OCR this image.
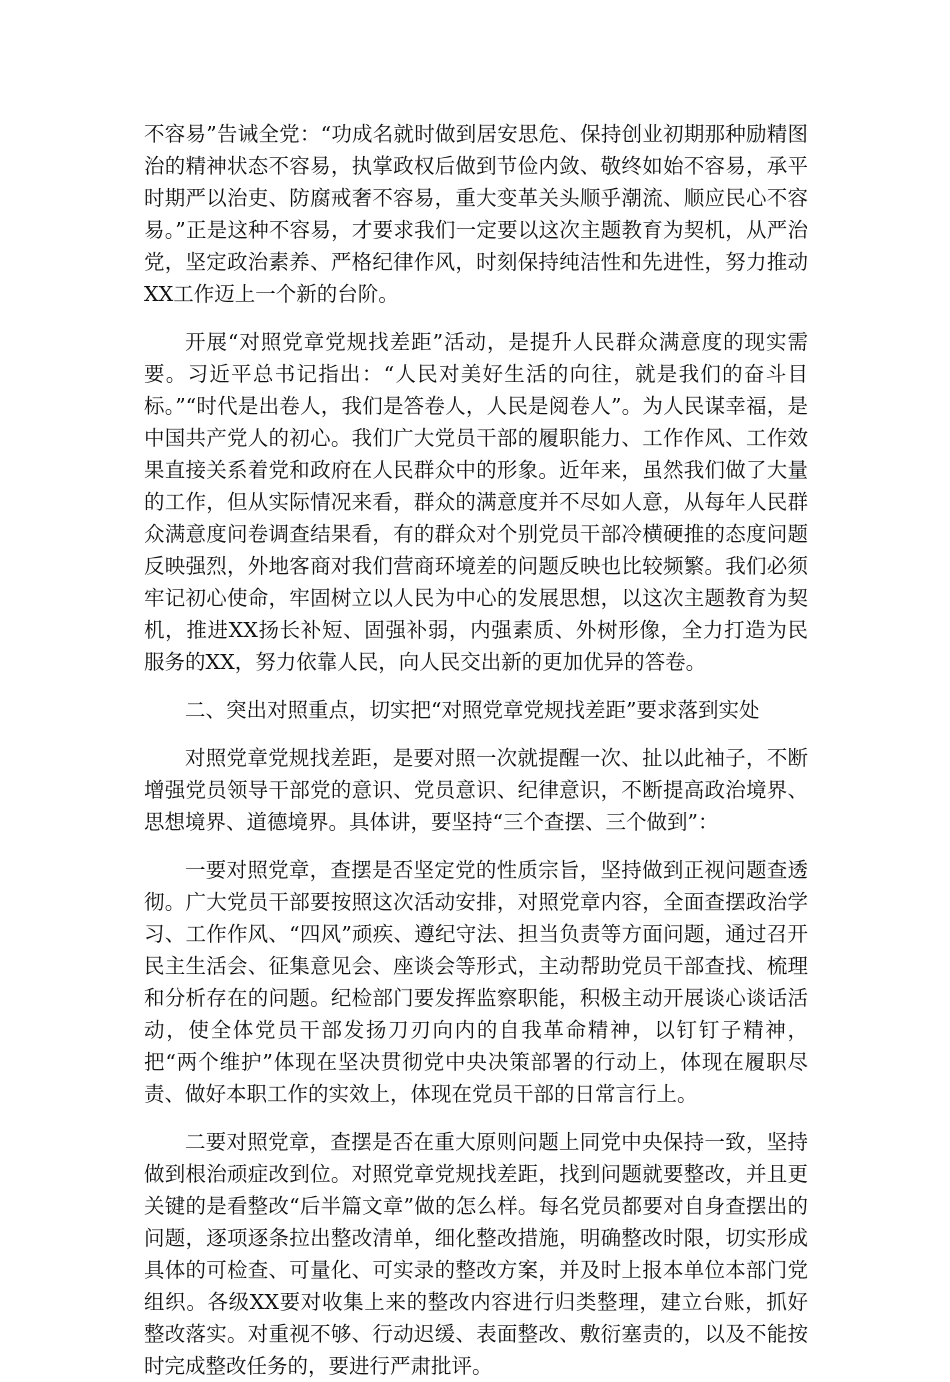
不容易”告诫全党：“功成名就时做到居安思危、保持创业初期那种励精图治的精神状态不容易，执掌政权后做到节俭内敛、敬终如始不容易，承平时期严以治吏、防腐戒奢不容易，重大变革关头顺乎潮流、顺应民心不容易。”正是这种不容易，才要求我们一定要以这次主题教育为契机，从严治党，坚定政治素养、严格纪律作风，时刻保持纯洁性和先进性，努力推动XX工作迈上一个新的台阶。

开展“对照党章党规找差距”活动，是提升人民群众满意度的现实需要。习近平总书记指出：“人民对美好生活的向往，就是我们的奋斗目标。”“时代是出卷人，我们是答卷人，人民是阅卷人”。为人民谋幸福，是中国共产党人的初心。我们广大党员干部的履职能力、工作作风、工作效果直接关系着党和政府在人民群众中的形象。近年来，虽然我们做了大量的工作，但从实际情况来看，群众的满意度并不尽如人意，从每年人民群众满意度问卷调查结果看，有的群众对个别党员干部冷横硬推的态度问题反映强烈，外地客商对我们营商环境差的问题反映也比较频繁。我们必须牢记初心使命，牢固树立以人民为中心的发展思想，以这次主题教育为契机，推进XX扬长补短、固强补弱，内强素质、外树形像，全力打造为民服务的XX，努力依靠人民，向人民交出新的更加优异的答卷。

二、突出对照重点，切实把“对照党章党规找差距”要求落到实处

对照党章党规找差距，是要对照一次就提醒一次、扯以此袖子，不断增强党员领导干部党的意识、党员意识、纪律意识，不断提高政治境界、思想境界、道德境界。具体讲，要坚持“三个查摆、三个做到”：

一要对照党章，查摆是否坚定党的性质宗旨，坚持做到正视问题查透彻。广大党员干部要按照这次活动安排，对照党章内容，全面查摆政治学习、工作作风、“四风”顽疾、遵纪守法、担当负责等方面问题，通过召开民主生活会、征集意见会、座谈会等形式，主动帮助党员干部查找、梳理和分析存在的问题。纪检部门要发挥监察职能，积极主动开展谈心谈话活动，使全体党员干部发扬刀刃向内的自我革命精神，以钉钉子精神，把“两个维护”体现在坚决贯彻党中央决策部署的行动上，体现在履职尽责、做好本职工作的实效上，体现在党员干部的日常言行上。

二要对照党章，查摆是否在重大原则问题上同党中央保持一致，坚持做到根治顽症改到位。对照党章党规找差距，找到问题就要整改，并且更关键的是看整改“后半篇文章”做的怎么样。每名党员都要对自身查摆出的问题，逐项逐条拉出整改清单，细化整改措施，明确整改时限，切实形成具体的可检查、可量化、可实录的整改方案，并及时上报本单位本部门党组织。各级XX要对收集上来的整改内容进行归类整理，建立台账，抓好整改落实。对重视不够、行动迟缓、表面整改、敷衍塞责的，以及不能按时完成整改任务的，要进行严肃批评。
